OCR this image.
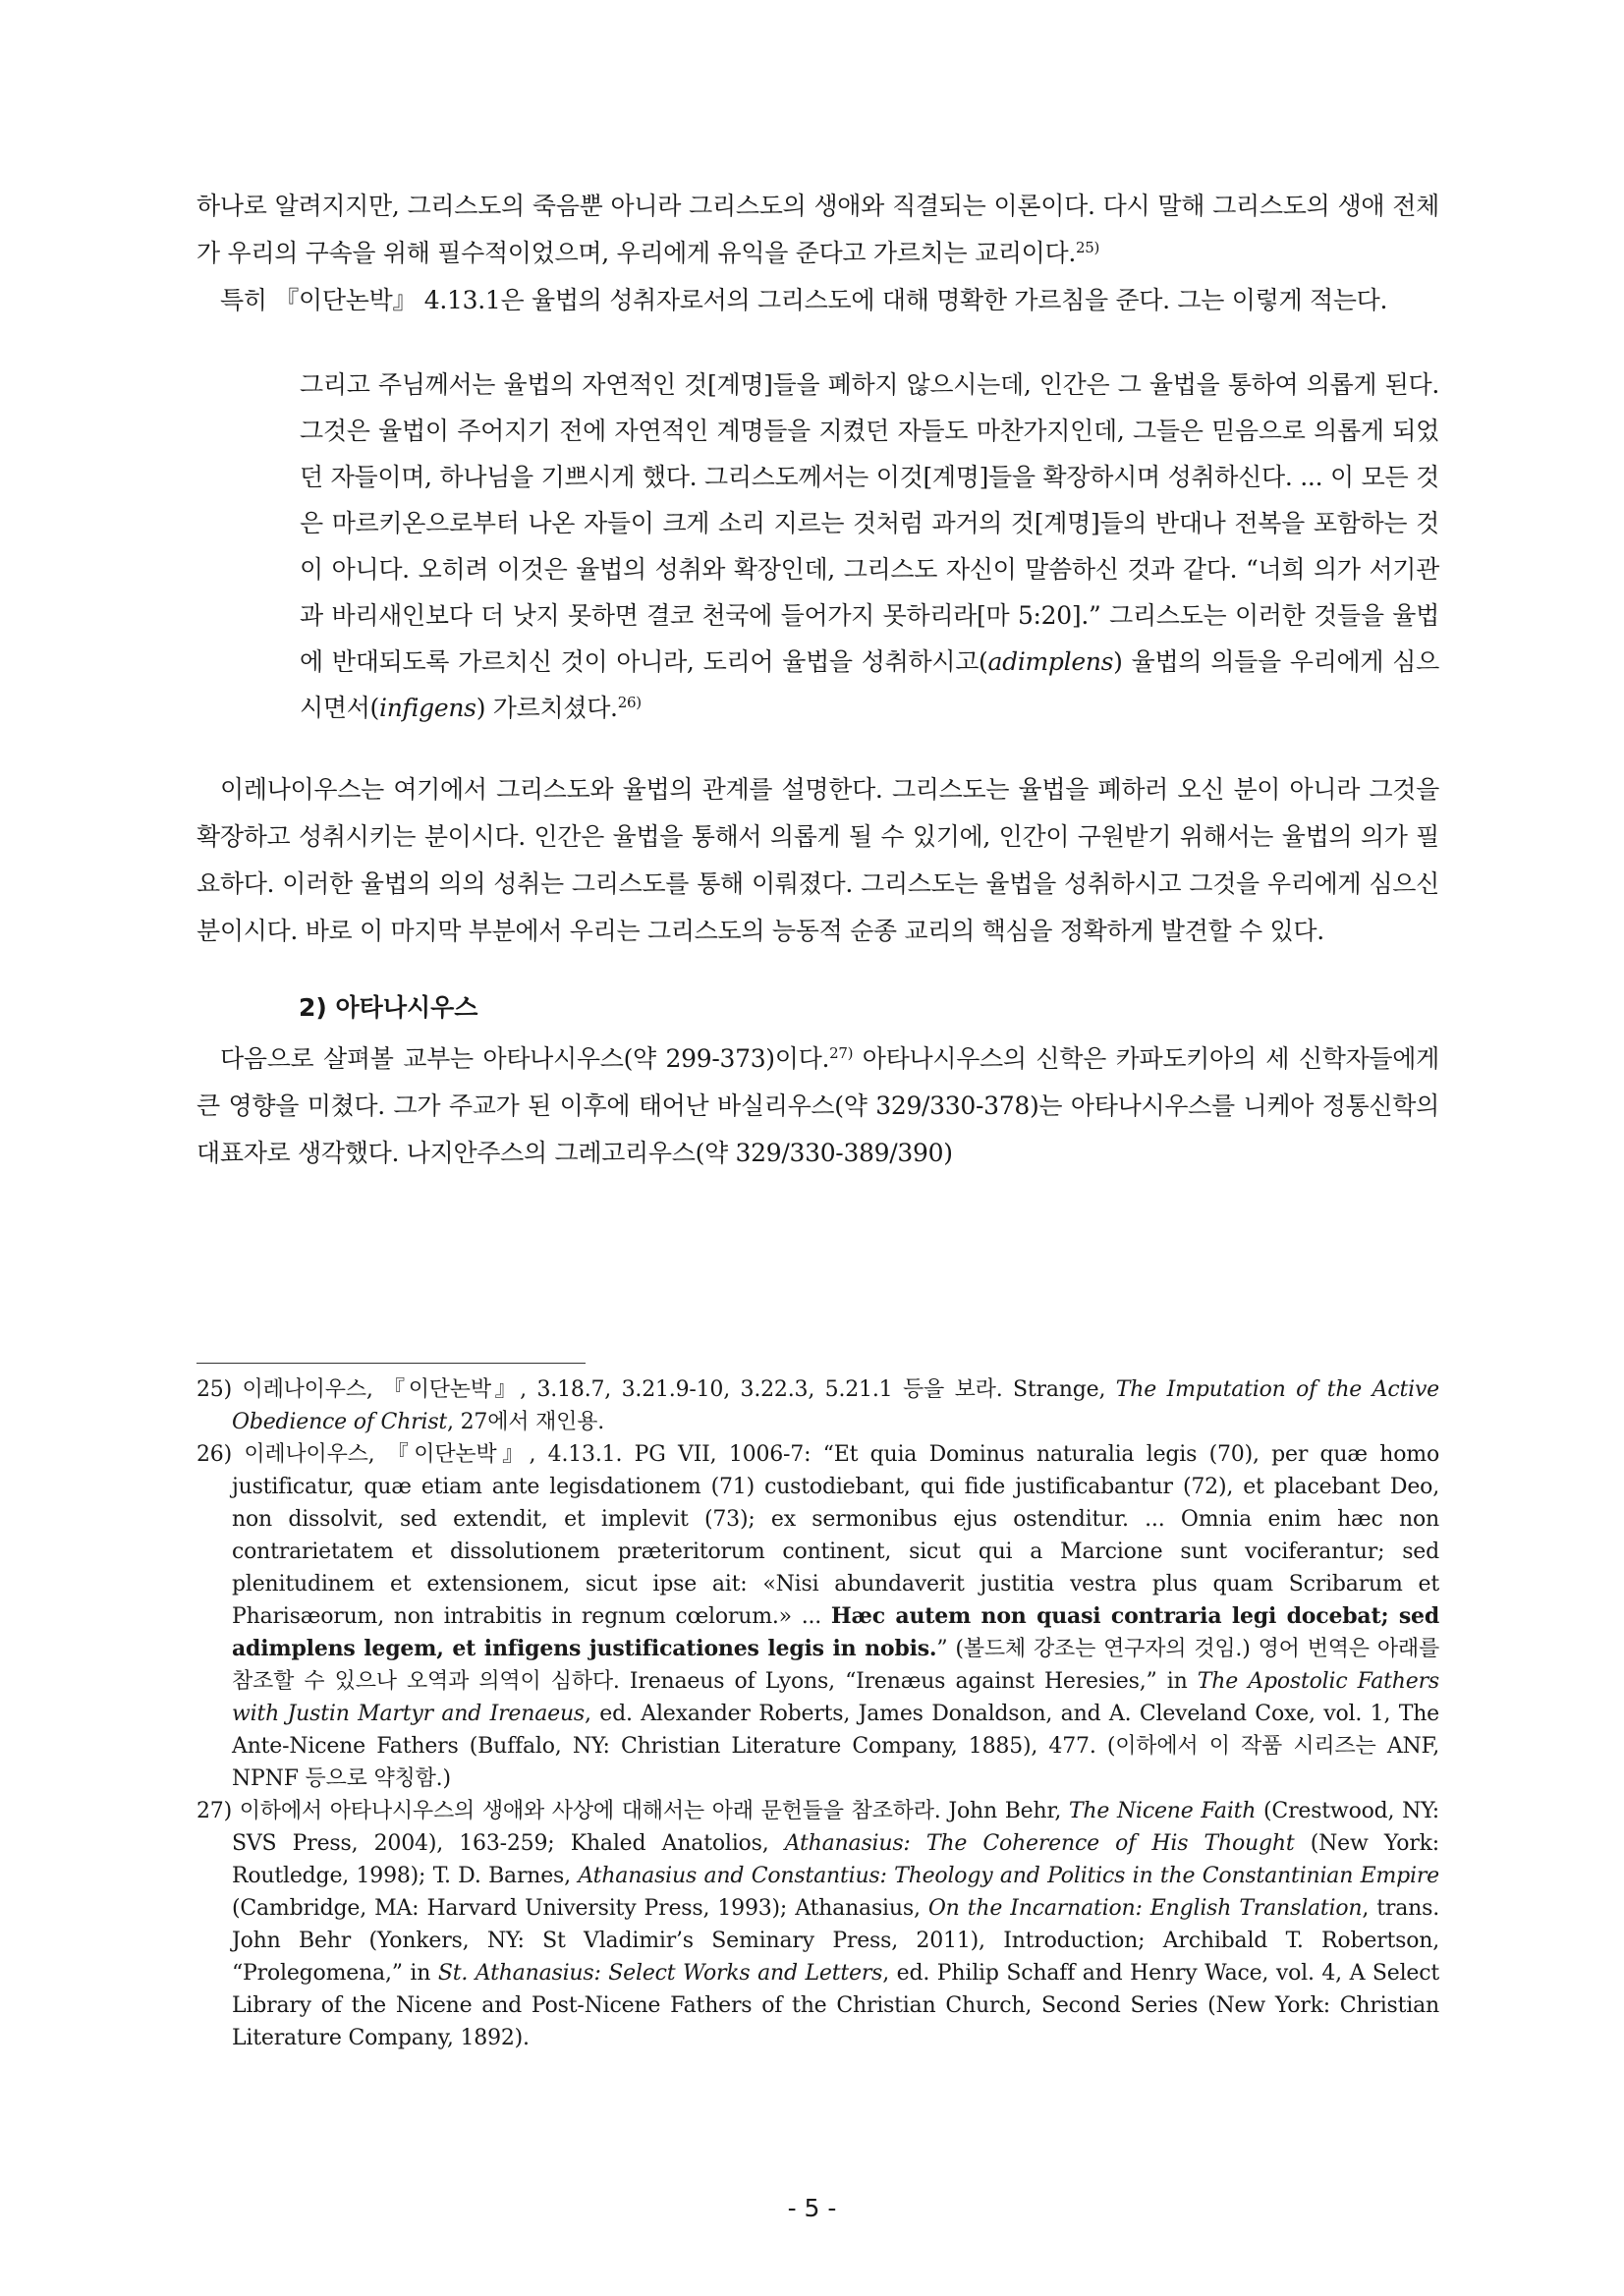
하나로 알려지지만, 그리스도의 죽음뿐 아니라 그리스도의 생애와 직결되는 이론이다. 다시 말해 그리스도의 생애 전체가 우리의 구속을 위해 필수적이었으며, 우리에게 유익을 준다고 가르치는 교리이다.$^{25)}$

특히 『이단논박』 4.13.1은 율법의 성취자로서의 그리스도에 대해 명확한 가르침을 준다. 그는 이렇게 적는다.

그리고 주님께서는 율법의 자연적인 것[계명]들을 폐하지 않으시는데, 인간은 그 율법을 통하여 의롭게 된다. 그것은 율법이 주어지기 전에 자연적인 계명들을 지켰던 자들도 마찬가지인데, 그들은 믿음으로 의롭게 되었던 자들이며, 하나님을 기쁘시게 했다. 그리스도께서는 이것[계명]들을 확장하시며 성취하신다. ... 이 모든 것은 마르키온으로부터 나온 자들이 크게 소리 지르는 것처럼 과거의 것[계명]들의 반대나 전복을 포함하는 것이 아니다. 오히려 이것은 율법의 성취와 확장인데, 그리스도 자신이 말씀하신 것과 같다. “너희 의가 서기관과 바리새인보다 더 낫지 못하면 결코 천국에 들어가지 못하리라[마 5:20].” 그리스도는 이러한 것들을 율법에 반대되도록 가르치신 것이 아니라, 도리어 율법을 성취하시고(adimplens) 율법의 의들을 우리에게 심으시면서(infigens) 가르치셨다.$^{26)}$

이레나이우스는 여기에서 그리스도와 율법의 관계를 설명한다. 그리스도는 율법을 폐하러 오신 분이 아니라 그것을 확장하고 성취시키는 분이시다. 인간은 율법을 통해서 의롭게 될 수 있기에, 인간이 구원받기 위해서는 율법의 의가 필요하다. 이러한 율법의 의의 성취는 그리스도를 통해 이뤄졌다. 그리스도는 율법을 성취하시고 그것을 우리에게 심으신 분이시다. 바로 이 마지막 부분에서 우리는 그리스도의 능동적 순종 교리의 핵심을 정확하게 발견할 수 있다.

2) 아타나시우스

다음으로 살펴볼 교부는 아타나시우스(약 299-373)이다.$^{27)}$ 아타나시우스의 신학은 카파도키아의 세 신학자들에게 큰 영향을 미쳤다. 그가 주교가 된 이후에 태어난 바실리우스(약 329/330-378)는 아타나시우스를 니케아 정통신학의 대표자로 생각했다. 나지안주스의 그레고리우스(약 329/330-389/390)

25) 이레나이우스, 『이단논박』, 3.18.7, 3.21.9-10, 3.22.3, 5.21.1 등을 보라. Strange, The Imputation of the Active Obedience of Christ, 27에서 재인용.

26) 이레나이우스, 『이단논박』, 4.13.1. PG VII, 1006-7: “Et quia Dominus naturalia legis (70), per quæ homo justificatur, quæ etiam ante legisdationem (71) custodiebant, qui fide justificabantur (72), et placebant Deo, non dissolvit, sed extendit, et implevit (73); ex sermonibus ejus ostenditur. ... Omnia enim hæc non contrarietatem et dissolutionem præteritorum continent, sicut qui a Marcione sunt vociferantur; sed plenitudinem et extensionem, sicut ipse ait: «Nisi abundaverit justitia vestra plus quam Scribarum et Pharisæorum, non intrabitis in regnum cœlorum.» ... Hæc autem non quasi contraria legi docebat; sed adimplens legem, et infigens justificationes legis in nobis.” (볼드체 강조는 연구자의 것임.) 영어 번역은 아래를 참조할 수 있으나 오역과 의역이 심하다. Irenaeus of Lyons, “Irenæus against Heresies,” in The Apostolic Fathers with Justin Martyr and Irenaeus, ed. Alexander Roberts, James Donaldson, and A. Cleveland Coxe, vol. 1, The Ante-Nicene Fathers (Buffalo, NY: Christian Literature Company, 1885), 477. (이하에서 이 작품 시리즈는 ANF, NPNF 등으로 약칭함.)

27) 이하에서 아타나시우스의 생애와 사상에 대해서는 아래 문헌들을 참조하라. John Behr, The Nicene Faith (Crestwood, NY: SVS Press, 2004), 163-259; Khaled Anatolios, Athanasius: The Coherence of His Thought (New York: Routledge, 1998); T. D. Barnes, Athanasius and Constantius: Theology and Politics in the Constantinian Empire (Cambridge, MA: Harvard University Press, 1993); Athanasius, On the Incarnation: English Translation, trans. John Behr (Yonkers, NY: St Vladimir’s Seminary Press, 2011), Introduction; Archibald T. Robertson, “Prolegomena,” in St. Athanasius: Select Works and Letters, ed. Philip Schaff and Henry Wace, vol. 4, A Select Library of the Nicene and Post-Nicene Fathers of the Christian Church, Second Series (New York: Christian Literature Company, 1892).

- 5 -
